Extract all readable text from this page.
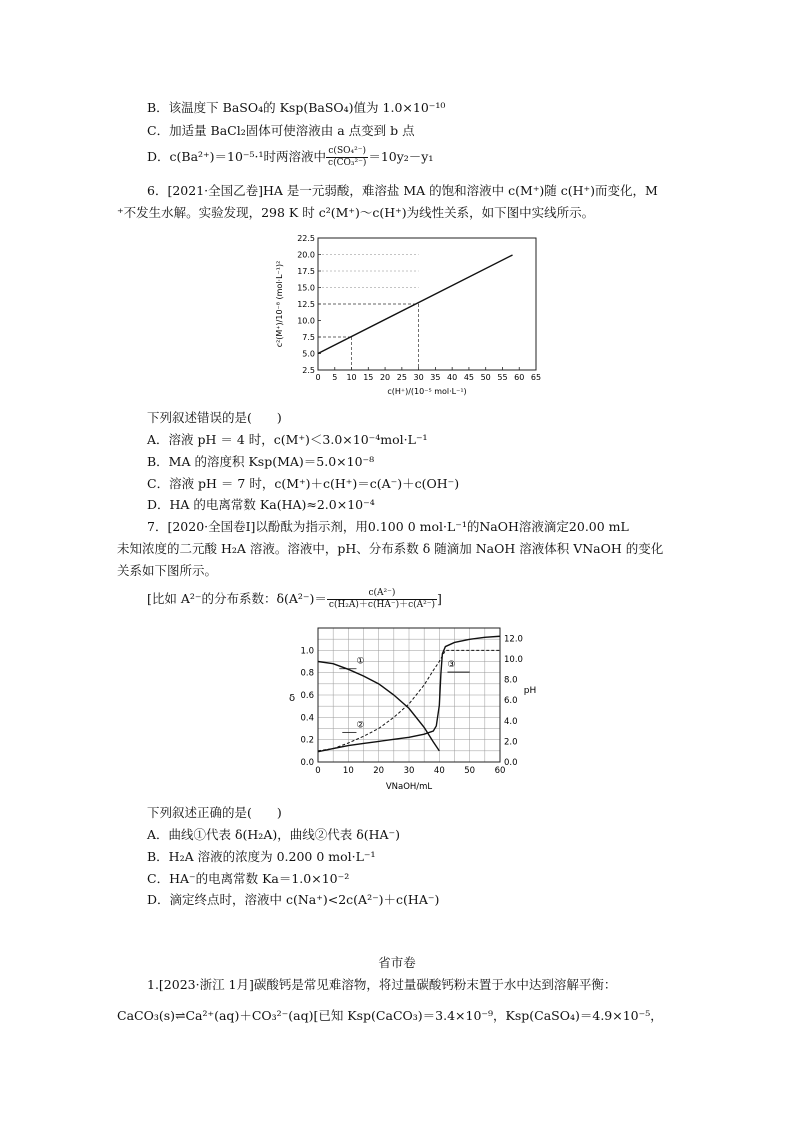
B．该温度下 BaSO₄的 Ksp(BaSO₄)值为 1.0×10⁻¹⁰
C．加适量 BaCl₂固体可使溶液由 a 点变到 b 点
D．c(Ba²⁺)＝10⁻⁵·¹时两溶液中 $\frac{\text{c(SO₄²⁻)}}{\text{c(CO₃²⁻)}} =10y_2-y_1$
6．[2021·全国乙卷]HA 是一元弱酸，难溶盐 MA 的饱和溶液中 c(M⁺)随 c(H⁺)而变化，M
⁺不发生水解。实验发现，298 K 时 c²(M⁺)～c(H⁺)为线性关系，如下图中实线所示。
0 5 10 15 20 25 30 35 40 45 50 55 60 65
2.5
5.0
7.5
10.0
12.5
15.0
17.5
20.0
22.5
c(H⁺)/(10⁻⁵ mol·L⁻¹)
c²(M⁺)/10⁻⁸ (mol·L⁻¹)²
下列叙述错误的是(　　)
A．溶液 pH ＝ 4 时，c(M⁺)＜3.0×10⁻⁴mol·L⁻¹
B．MA 的溶度积 Ksp(MA)＝5.0×10⁻⁸
C．溶液 pH ＝ 7 时，c(M⁺)＋c(H⁺)＝c(A⁻)＋c(OH⁻)
D．HA 的电离常数 Ka(HA)≈2.0×10⁻⁴
7．[2020·全国卷Ⅰ]以酚酞为指示剂，用0.100 0 mol·L⁻¹的NaOH溶液滴定20.00 mL
未知浓度的二元酸 H₂A 溶液。溶液中，pH、分布系数 δ 随滴加 NaOH 溶液体积 VNaOH 的变化
关系如下图所示。
[比如 A²⁻的分布系数：$\delta(A^{2-})= \frac{\text{c(A²⁻)}}{\text{c(H₂A)＋c(HA⁻)＋c(A²⁻)}}$ ]
0	10 20 30 40 50 60
0.0
0.2
0.4
0.6
0.8
1.0
0.0
2.0
4.0
6.0
8.0
10.0
12.0
①
②
③
VNaOH/mL
δ
pH
下列叙述正确的是(　　)
A．曲线①代表 δ(H₂A)，曲线②代表 δ(HA⁻)
B．H₂A 溶液的浓度为 0.200 0 mol·L⁻¹
C．HA⁻的电离常数 Ka＝1.0×10⁻²
D．滴定终点时，溶液中 c(Na⁺)<2c(A²⁻)＋c(HA⁻)
省市卷
1.[2023·浙江 1月]碳酸钙是常见难溶物，将过量碳酸钙粉末置于水中达到溶解平衡：
CaCO₃(s)⇌Ca²⁺(aq)＋CO₃²⁻(aq)[已知 Ksp(CaCO₃)＝3.4×10⁻⁹，Ksp(CaSO₄)＝4.9×10⁻⁵，
